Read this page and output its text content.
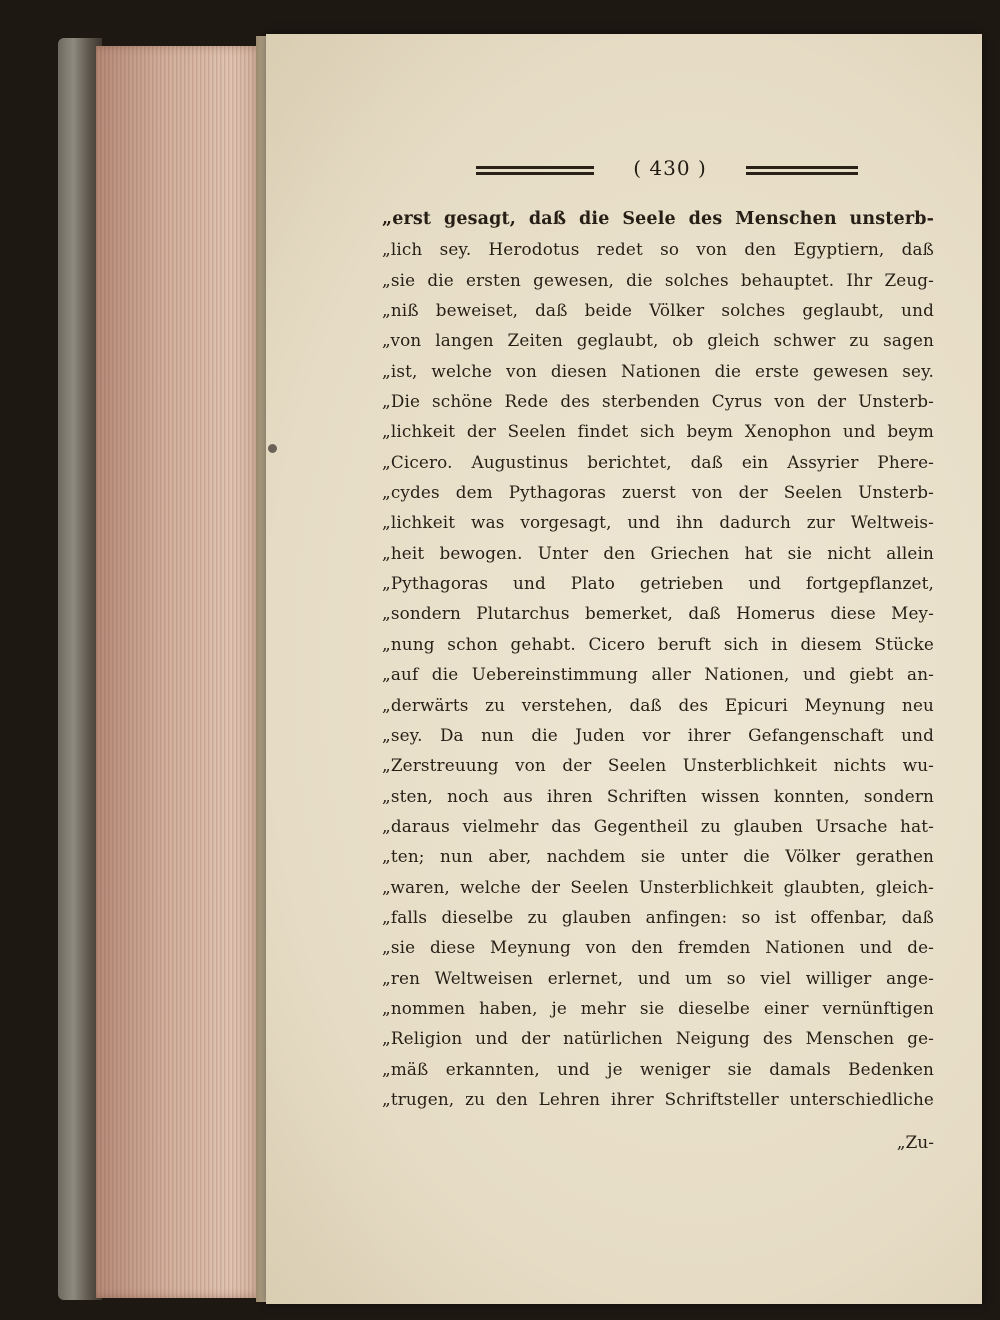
( 430 )
„erst gesagt, daß die Seele des Menschen unsterb-
„lich sey. Herodotus redet so von den Egyptiern, daß
„sie die ersten gewesen, die solches behauptet. Ihr Zeug-
„niß beweiset, daß beide Völker solches geglaubt, und
„von langen Zeiten geglaubt, ob gleich schwer zu sagen
„ist, welche von diesen Nationen die erste gewesen sey.
„Die schöne Rede des sterbenden Cyrus von der Unsterb-
„lichkeit der Seelen findet sich beym Xenophon und beym
„Cicero. Augustinus berichtet, daß ein Assyrier Phere-
„cydes dem Pythagoras zuerst von der Seelen Unsterb-
„lichkeit was vorgesagt, und ihn dadurch zur Weltweis-
„heit bewogen. Unter den Griechen hat sie nicht allein
„Pythagoras und Plato getrieben und fortgepflanzet,
„sondern Plutarchus bemerket, daß Homerus diese Mey-
„nung schon gehabt. Cicero beruft sich in diesem Stücke
„auf die Uebereinstimmung aller Nationen, und giebt an-
„derwärts zu verstehen, daß des Epicuri Meynung neu
„sey. Da nun die Juden vor ihrer Gefangenschaft und
„Zerstreuung von der Seelen Unsterblichkeit nichts wu-
„sten, noch aus ihren Schriften wissen konnten, sondern
„daraus vielmehr das Gegentheil zu glauben Ursache hat-
„ten; nun aber, nachdem sie unter die Völker gerathen
„waren, welche der Seelen Unsterblichkeit glaubten, gleich-
„falls dieselbe zu glauben anfingen: so ist offenbar, daß
„sie diese Meynung von den fremden Nationen und de-
„ren Weltweisen erlernet, und um so viel williger ange-
„nommen haben, je mehr sie dieselbe einer vernünftigen
„Religion und der natürlichen Neigung des Menschen ge-
„mäß erkannten, und je weniger sie damals Bedenken
„trugen, zu den Lehren ihrer Schriftsteller unterschiedliche
„Zu-
